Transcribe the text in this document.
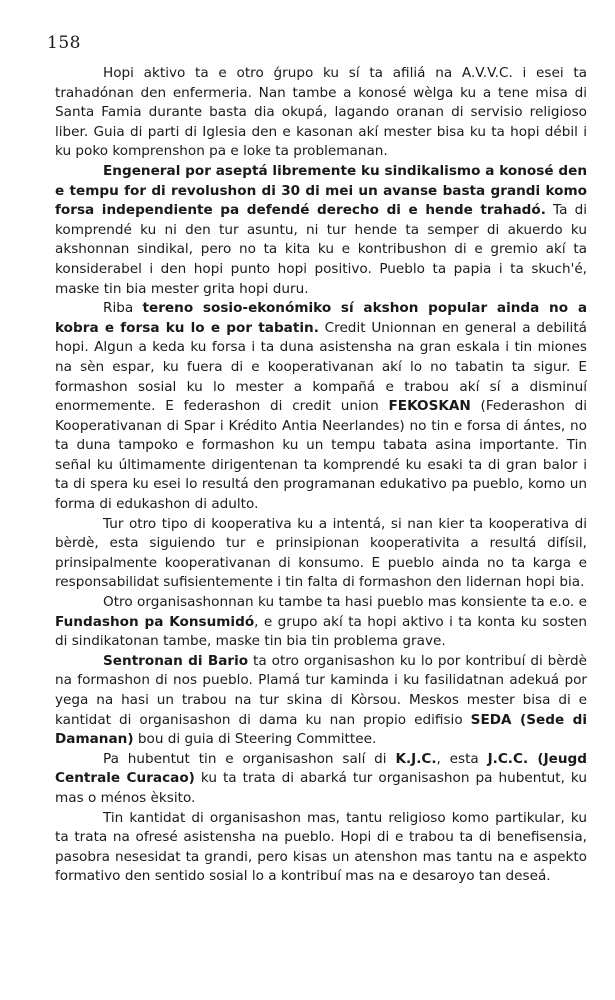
158

Hopi aktivo ta e otro ǵrupo ku sí ta afiliá na A.V.V.C. i esei ta trahadónan den enfermeria. Nan tambe a konosé wèlga ku a tene misa di Santa Famia durante basta dia okupá, lagando oranan di servisio religioso liber. Guia di parti di Iglesia den e kasonan akí mester bisa ku ta hopi débil i ku poko komprenshon pa e loke ta problemanan.

Engeneral por aseptá libremente ku sindikalismo a konosé den e tempu for di revolushon di 30 di mei un avanse basta grandi komo forsa independiente pa defendé derecho di e hende trahadó. Ta di komprendé ku ni den tur asuntu, ni tur hende ta semper di akuerdo ku akshonnan sindikal, pero no ta kita ku e kontribushon di e gremio akí ta konsiderabel i den hopi punto hopi positivo. Pueblo ta papia i ta skuch'é, maske tin bia mester grita hopi duru.

Riba tereno sosio-ekonómiko sí akshon popular ainda no a kobra e forsa ku lo e por tabatin. Credit Unionnan en general a debilitá hopi. Algun a keda ku forsa i ta duna asistensha na gran eskala i tin miones na sèn espar, ku fuera di e kooperativanan akí lo no tabatin ta sigur. E formashon sosial ku lo mester a kompañá e trabou akí sí a disminuí enormemente. E federashon di credit union FEKOSKAN (Federashon di Kooperativanan di Spar i Krédito Antia Neerlandes) no tin e forsa di ántes, no ta duna tampoko e formashon ku un tempu tabata asina importante. Tin señal ku últimamente dirigentenan ta komprendé ku esaki ta di gran balor i ta di spera ku esei lo resultá den programanan edukativo pa pueblo, komo un forma di edukashon di adulto.

Tur otro tipo di kooperativa ku a intentá, si nan kier ta kooperativa di bèrdè, esta siguiendo tur e prinsipionan kooperativita a resultá difísil, prinsipalmente kooperativanan di konsumo. E pueblo ainda no ta karga e responsabilidat sufisientemente i tin falta di formashon den lidernan hopi bia.

Otro organisashonnan ku tambe ta hasi pueblo mas konsiente ta e.o. e Fundashon pa Konsumidó, e grupo akí ta hopi aktivo i ta konta ku sosten di sindikatonan tambe, maske tin bia tin problema grave.

Sentronan di Bario ta otro organisashon ku lo por kontribuí di bèrdè na formashon di nos pueblo. Plamá tur kaminda i ku fasilidatnan adekuá por yega na hasi un trabou na tur skina di Kòrsou. Meskos mester bisa di e kantidat di organisashon di dama ku nan propio edifisio SEDA (Sede di Damanan) bou di guia di Steering Committee.

Pa hubentut tin e organisashon salí di K.J.C., esta J.C.C. (Jeugd Centrale Curacao) ku ta trata di abarká tur organisashon pa hubentut, ku mas o ménos èksito.

Tin kantidat di organisashon mas, tantu religioso komo partikular, ku ta trata na ofresé asistensha na pueblo. Hopi di e trabou ta di benefisensia, pasobra nesesidat ta grandi, pero kisas un atenshon mas tantu na e aspekto formativo den sentido sosial lo a kontribuí mas na e desaroyo tan deseá.
